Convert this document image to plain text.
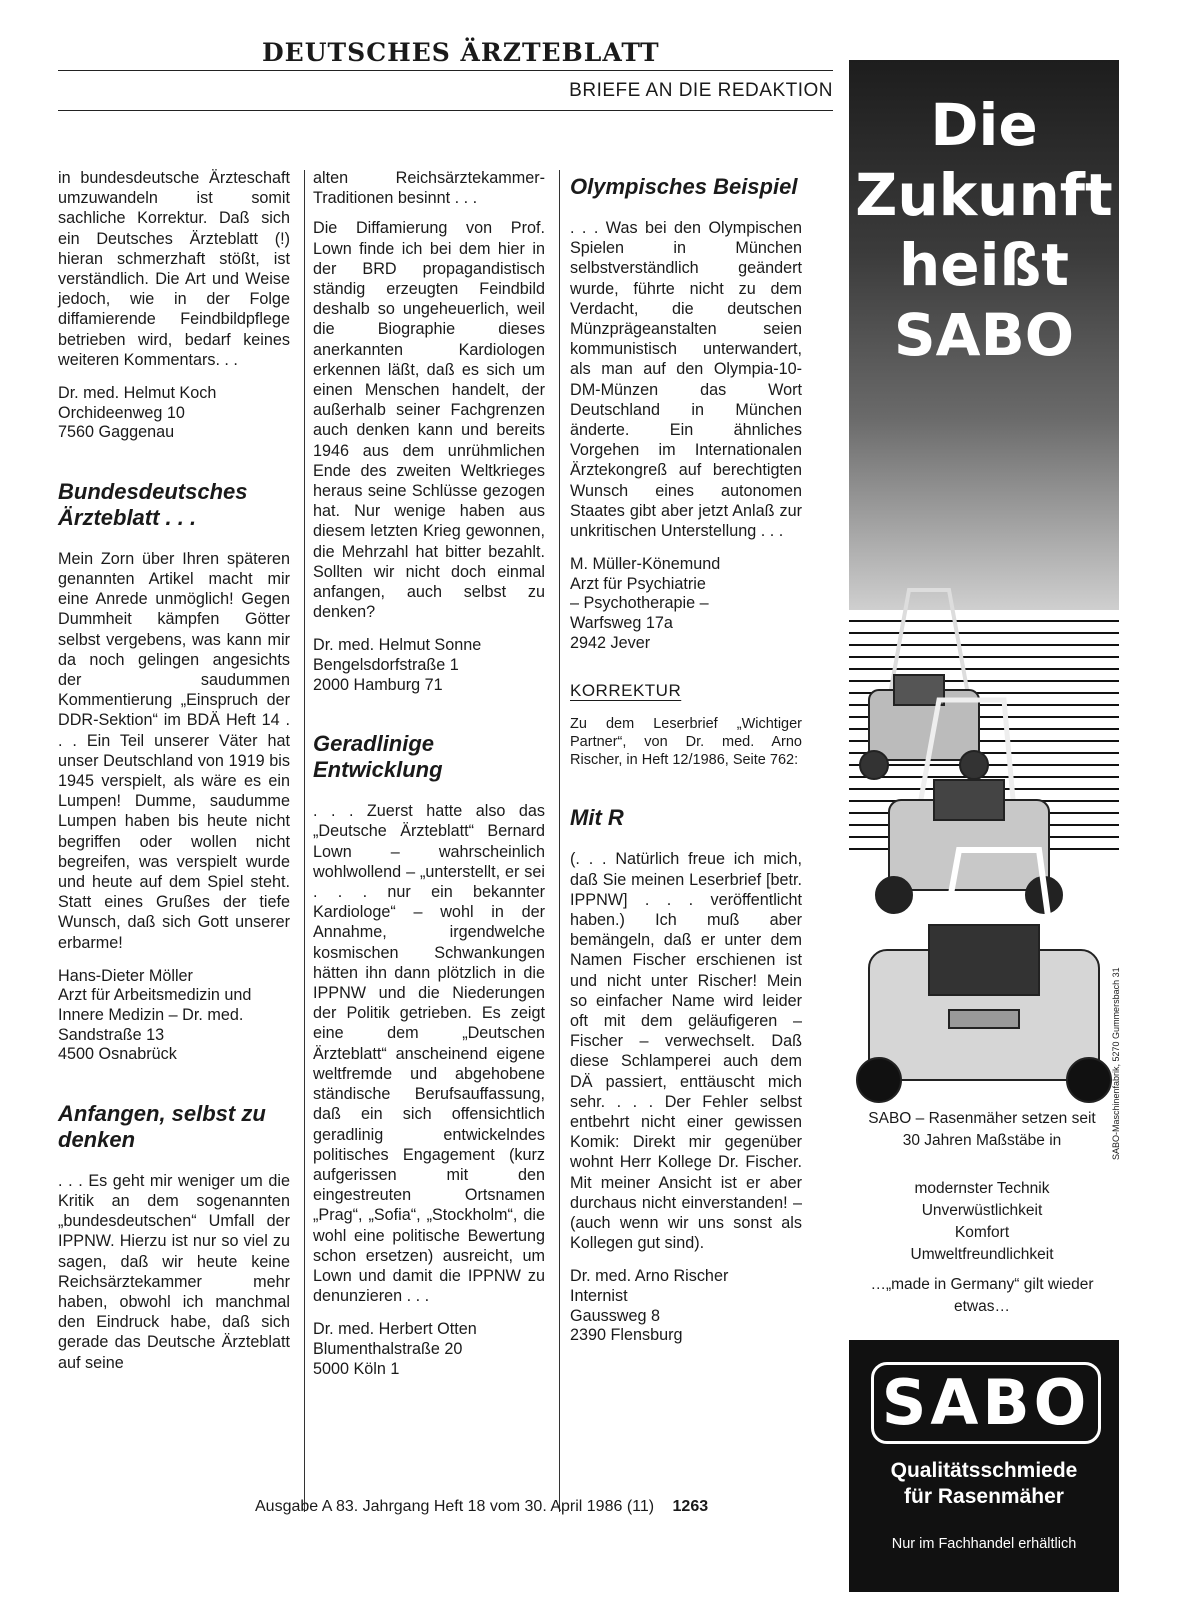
DEUTSCHES ÄRZTEBLATT
BRIEFE AN DIE REDAKTION

in bundesdeutsche Ärzteschaft umzuwandeln ist somit sachliche Korrektur. Daß sich ein Deutsches Ärzteblatt (!) hieran schmerzhaft stößt, ist verständlich. Die Art und Weise jedoch, wie in der Folge diffamierende Feindbildpflege betrieben wird, bedarf keines weiteren Kommentars. . .

Dr. med. Helmut Koch
Orchideenweg 10
7560 Gaggenau
Bundesdeutsches Ärzteblatt . . .

Mein Zorn über Ihren späteren genannten Artikel macht mir eine Anrede unmöglich! Gegen Dummheit kämpfen Götter selbst vergebens, was kann mir da noch gelingen angesichts der saudummen Kommentierung „Einspruch der DDR-Sektion“ im BDÄ Heft 14 . . . Ein Teil unserer Väter hat unser Deutschland von 1919 bis 1945 verspielt, als wäre es ein Lumpen! Dumme, saudumme Lumpen haben bis heute nicht begriffen oder wollen nicht begreifen, was verspielt wurde und heute auf dem Spiel steht. Statt eines Grußes der tiefe Wunsch, daß sich Gott unserer erbarme!

Hans-Dieter Möller
Arzt für Arbeitsmedizin und
Innere Medizin – Dr. med.
Sandstraße 13
4500 Osnabrück
Anfangen, selbst zu denken

. . . Es geht mir weniger um die Kritik an dem sogenannten „bundesdeutschen“ Umfall der IPPNW. Hierzu ist nur so viel zu sagen, daß wir heute keine Reichsärztekammer mehr haben, obwohl ich manchmal den Eindruck habe, daß sich gerade das Deutsche Ärzteblatt auf seine

alten Reichsärztekammer-Traditionen besinnt . . .

Die Diffamierung von Prof. Lown finde ich bei dem hier in der BRD propagandistisch ständig erzeugten Feindbild deshalb so ungeheuerlich, weil die Biographie dieses anerkannten Kardiologen erkennen läßt, daß es sich um einen Menschen handelt, der außerhalb seiner Fachgrenzen auch denken kann und bereits 1946 aus dem unrühmlichen Ende des zweiten Weltkrieges heraus seine Schlüsse gezogen hat. Nur wenige haben aus diesem letzten Krieg gewonnen, die Mehrzahl hat bitter bezahlt. Sollten wir nicht doch einmal anfangen, auch selbst zu denken?

Dr. med. Helmut Sonne
Bengelsdorfstraße 1
2000 Hamburg 71
Geradlinige Entwicklung

. . . Zuerst hatte also das „Deutsche Ärzteblatt“ Bernard Lown – wahrscheinlich wohlwollend – „unterstellt, er sei . . . nur ein bekannter Kardiologe“ – wohl in der Annahme, irgendwelche kosmischen Schwankungen hätten ihn dann plötzlich in die IPPNW und die Niederungen der Politik getrieben. Es zeigt eine dem „Deutschen Ärzteblatt“ anscheinend eigene weltfremde und abgehobene ständische Berufsauffassung, daß ein sich offensichtlich geradlinig entwickelndes politisches Engagement (kurz aufgerissen mit den eingestreuten Ortsnamen „Prag“, „Sofia“, „Stockholm“, die wohl eine politische Bewertung schon ersetzen) ausreicht, um Lown und damit die IPPNW zu denunzieren . . .

Dr. med. Herbert Otten
Blumenthalstraße 20
5000 Köln 1
Olympisches Beispiel

. . . Was bei den Olympischen Spielen in München selbstverständlich geändert wurde, führte nicht zu dem Verdacht, die deutschen Münzprägeanstalten seien kommunistisch unterwandert, als man auf den Olympia-10-DM-Münzen das Wort Deutschland in München änderte. Ein ähnliches Vorgehen im Internationalen Ärztekongreß auf berechtigten Wunsch eines autonomen Staates gibt aber jetzt Anlaß zur unkritischen Unterstellung . . .

M. Müller-Könemund
Arzt für Psychiatrie
– Psychotherapie –
Warfsweg 17a
2942 Jever
KORREKTUR

Zu dem Leserbrief „Wichtiger Partner“, von Dr. med. Arno Rischer, in Heft 12/1986, Seite 762:

Mit R

(. . . Natürlich freue ich mich, daß Sie meinen Leserbrief [betr. IPPNW] . . . veröffentlicht haben.) Ich muß aber bemängeln, daß er unter dem Namen Fischer erschienen ist und nicht unter Rischer! Mein so einfacher Name wird leider oft mit dem geläufigeren – Fischer – verwechselt. Daß diese Schlamperei auch dem DÄ passiert, enttäuscht mich sehr. . . . Der Fehler selbst entbehrt nicht einer gewissen Komik: Direkt mir gegenüber wohnt Herr Kollege Dr. Fischer. Mit meiner Ansicht ist er aber durchaus nicht einverstanden! – (auch wenn wir uns sonst als Kollegen gut sind).

Dr. med. Arno Rischer
Internist
Gaussweg 8
2390 Flensburg
Ausgabe A 83. Jahrgang Heft 18 vom 30. April 1986 (11) 1263
Die
Zukunft
heißt
SABO
SABO – Rasenmäher setzen seit 30 Jahren Maßstäbe in
modernster Technik
Unverwüstlichkeit
Komfort
Umweltfreundlichkeit
…„made in Germany“ gilt wieder etwas…
SABO-Maschinenfabrik, 5270 Gummersbach 31
SABO
Qualitätsschmiede
für Rasenmäher
Nur im Fachhandel erhältlich
